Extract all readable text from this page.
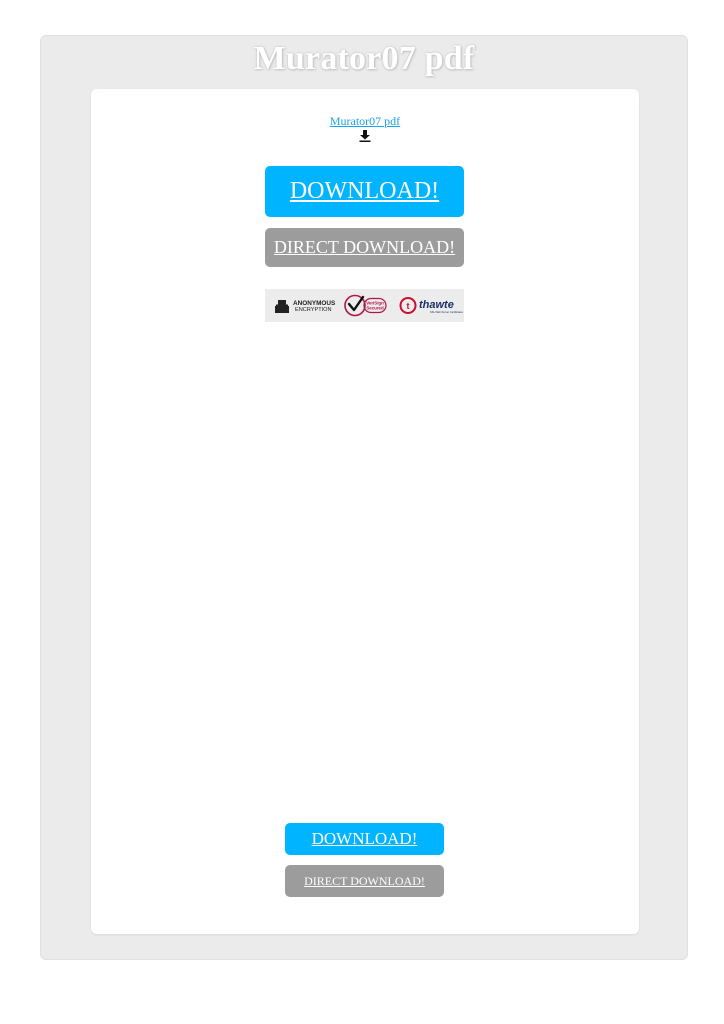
Murator07 pdf
Murator07 pdf
DOWNLOAD!
DIRECT DOWNLOAD!
ANONYMOUS
ENCRYPTION
VeriSign
Secured	t thawte
SSL Web Server Certificates
DOWNLOAD!
DIRECT DOWNLOAD!
